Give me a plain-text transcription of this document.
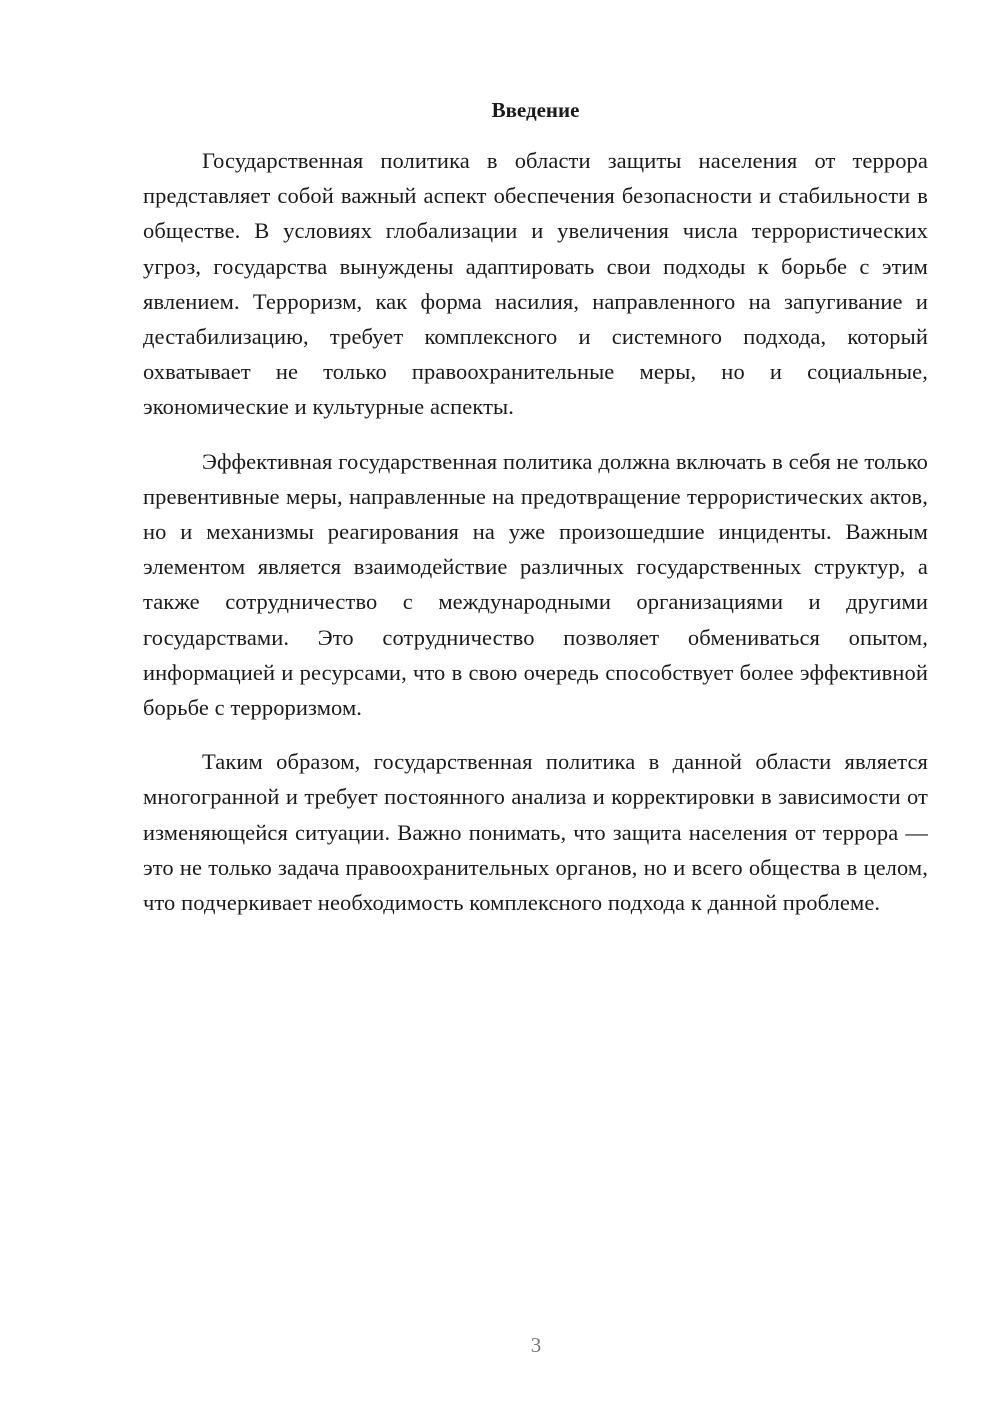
Введение

Государственная политика в области защиты населения от террора представляет собой важный аспект обеспечения безопасности и стабильности в обществе. В условиях глобализации и увеличения числа террористических угроз, государства вынуждены адаптировать свои подходы к борьбе с этим явлением. Терроризм, как форма насилия, направленного на запугивание и дестабилизацию, требует комплексного и системного подхода, который охватывает не только правоохранительные меры, но и социальные, экономические и культурные аспекты.

Эффективная государственная политика должна включать в себя не только превентивные меры, направленные на предотвращение террористических актов, но и механизмы реагирования на уже произошедшие инциденты. Важным элементом является взаимодействие различных государственных структур, а также сотрудничество с международными организациями и другими государствами. Это сотрудничество позволяет обмениваться опытом, информацией и ресурсами, что в свою очередь способствует более эффективной борьбе с терроризмом.

Таким образом, государственная политика в данной области является многогранной и требует постоянного анализа и корректировки в зависимости от изменяющейся ситуации. Важно понимать, что защита населения от террора — это не только задача правоохранительных органов, но и всего общества в целом, что подчеркивает необходимость комплексного подхода к данной проблеме.

3
